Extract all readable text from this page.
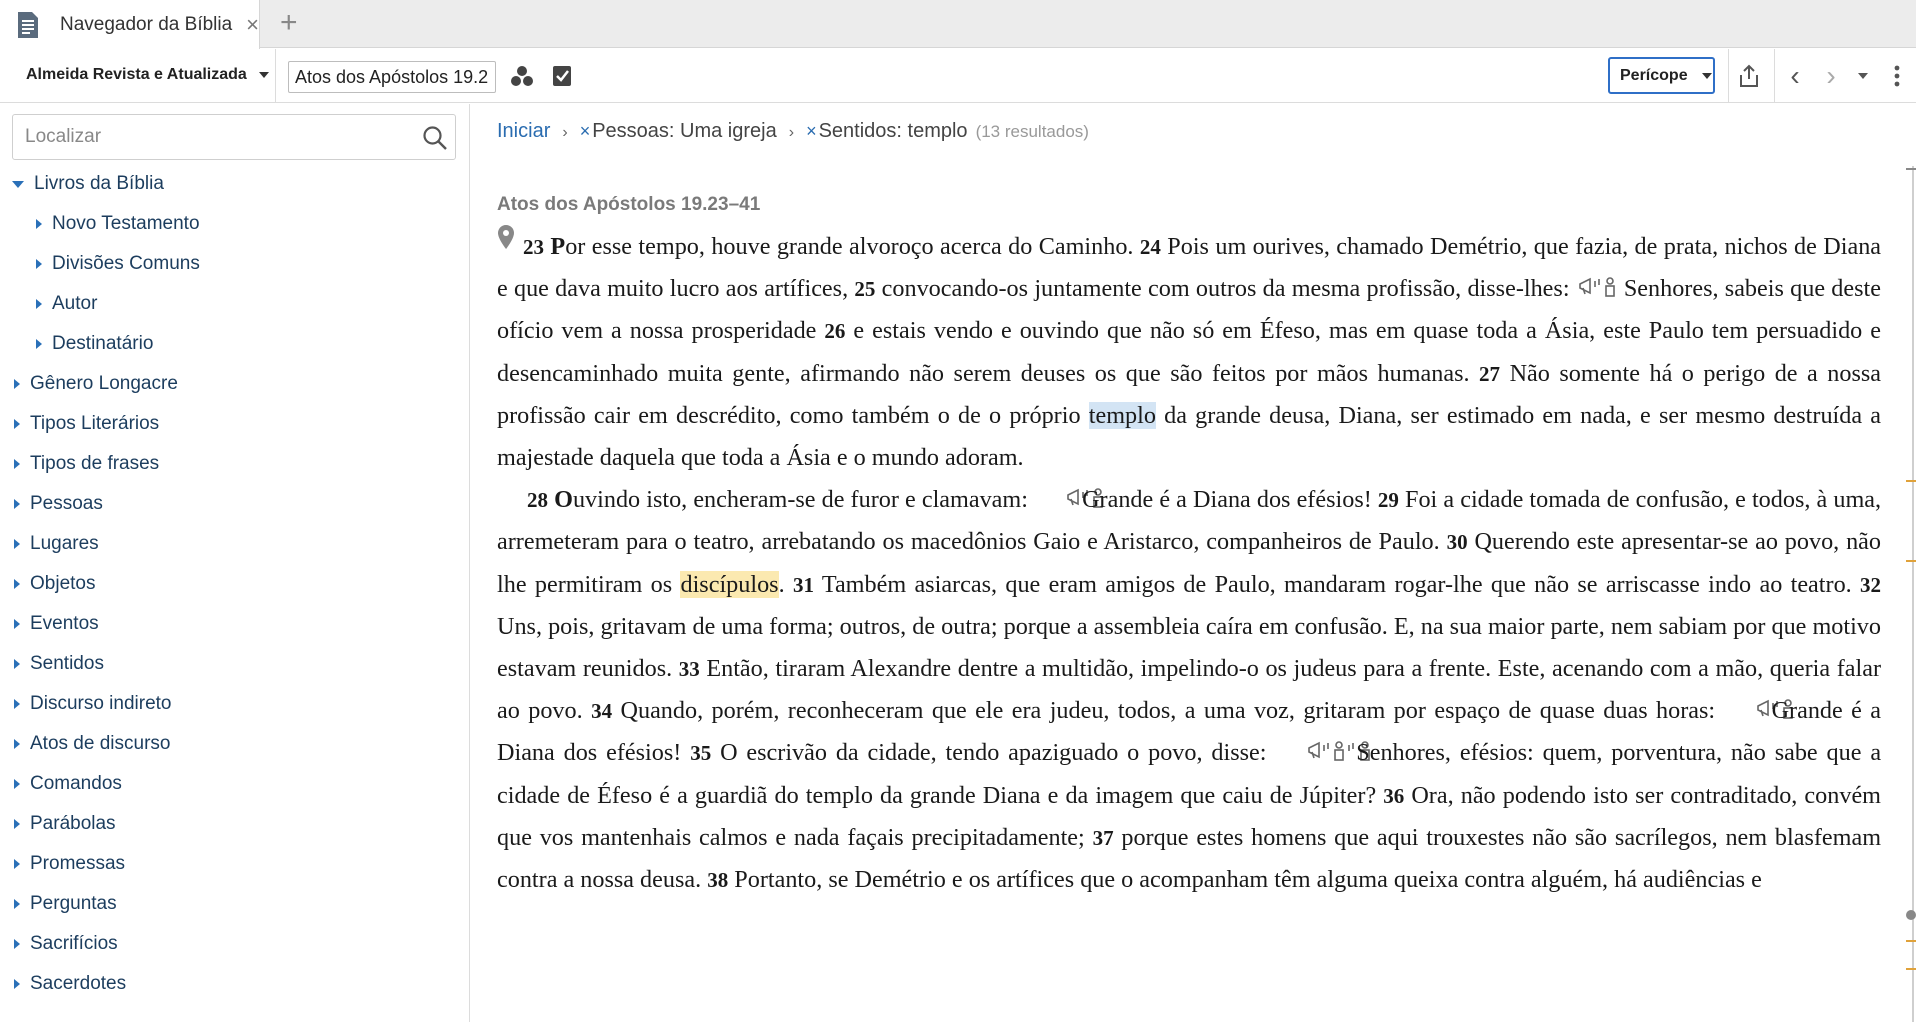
Navegador da Bíblia × +
Almeida Revista e Atualizada
Atos dos Apóstolos 19.2	Perícope	‹ ›
Localizar
Livros da Bíblia
Novo Testamento
Divisões Comuns
Autor
Destinatário
Gênero Longacre
Tipos Literários
Tipos de frases
Pessoas
Lugares
Objetos
Eventos
Sentidos
Discurso indireto
Atos de discurso
Comandos
Parábolas
Promessas
Perguntas
Sacrifícios
Sacerdotes
Iniciar › × Pessoas: Uma igreja › × Sentidos: templo (13 resultados)
Atos dos Apóstolos 19.23–41

23 Por esse tempo, houve grande alvoroço acerca do Caminho. 24 Pois um ourives, chamado Demétrio, que fazia, de prata, nichos de Diana e que dava muito lucro aos artífices, 25 convocando-os juntamente com outros da mesma profissão, disse-lhes: Senhores, sabeis que deste ofício vem a nossa prosperidade 26 e estais vendo e ouvindo que não só em Éfeso, mas em quase toda a Ásia, este Paulo tem persuadido e desencaminhado muita gente, afirmando não serem deuses os que são feitos por mãos humanas. 27 Não somente há o perigo de a nossa profissão cair em descrédito, como também o de o próprio templo da grande deusa, Diana, ser estimado em nada, e ser mesmo destruída a majestade daquela que toda a Ásia e o mundo adoram.

28 Ouvindo isto, encheram-se de furor e clamavam: Grande é a Diana dos efésios! 29 Foi a cidade tomada de confusão, e todos, à uma, arremeteram para o teatro, arrebatando os macedônios Gaio e Aristarco, companheiros de Paulo. 30 Querendo este apresentar-se ao povo, não lhe permitiram os discípulos. 31 Também asiarcas, que eram amigos de Paulo, mandaram rogar-lhe que não se arriscasse indo ao teatro. 32 Uns, pois, gritavam de uma forma; outros, de outra; porque a assembleia caíra em confusão. E, na sua maior parte, nem sabiam por que motivo estavam reunidos. 33 Então, tiraram Alexandre dentre a multidão, impelindo-o os judeus para a frente. Este, acenando com a mão, queria falar ao povo. 34 Quando, porém, reconheceram que ele era judeu, todos, a uma voz, gritaram por espaço de quase duas horas: Grande é a Diana dos efésios! 35 O escrivão da cidade, tendo apaziguado o povo, disse:	Senhores, efésios: quem, porventura, não sabe que a cidade de Éfeso é a guardiã do templo da grande Diana e da imagem que caiu de Júpiter? 36 Ora, não podendo isto ser contraditado, convém que vos mantenhais calmos e nada façais precipitadamente; 37 porque estes homens que aqui trouxestes não são sacrílegos, nem blasfemam contra a nossa deusa. 38 Portanto, se Demétrio e os artífices que o acompanham têm alguma queixa contra alguém, há audiências e
